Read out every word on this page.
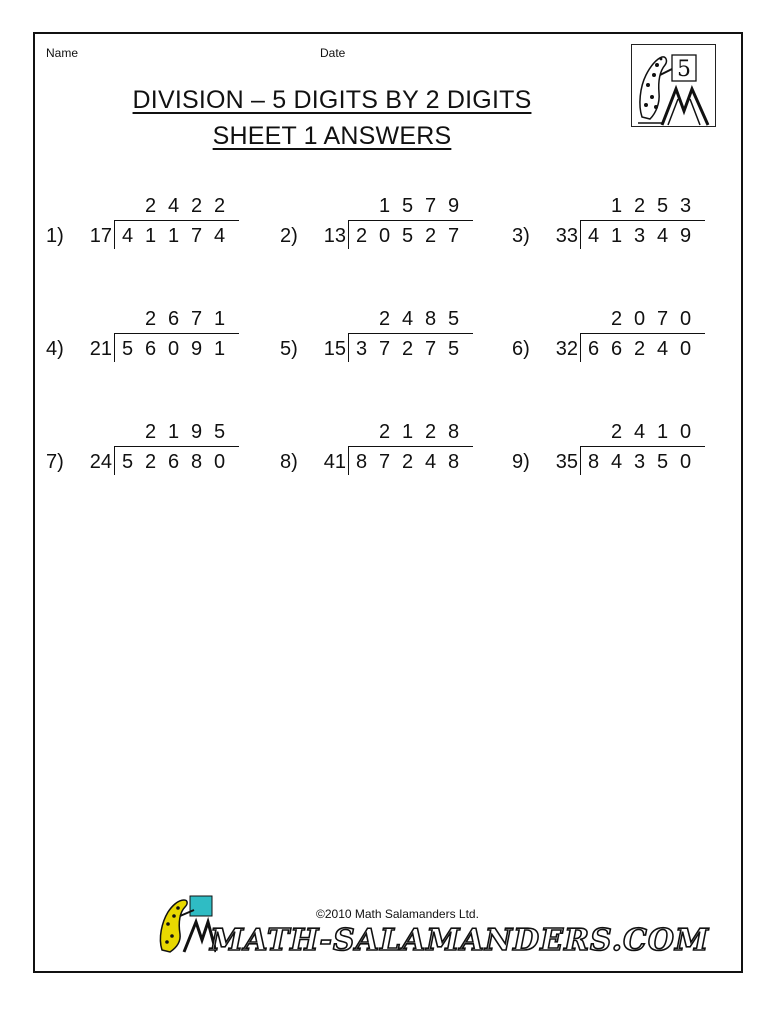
Name	Date
DIVISION – 5 DIGITS BY 2 DIGITS
SHEET 1 ANSWERS
5
1)	17
2 4 2 2
4 1 1 7 4	2)	13
1 5 7 9
2 0 5 2 7	3)	33
1 2 5 3
4 1 3 4 9
4)	21
2 6 7 1
5 6 0 9 1	5)	15
2 4 8 5
3 7 2 7 5	6)	32
2 0 7 0
6 6 2 4 0
7)	24
2 1 9 5
5 2 6 8 0	8)	41
2 1 2 8
8 7 2 4 8	9)	35
2 4 1 0
8 4 3 5 0
©2010 Math Salamanders Ltd.
MATH-SALAMANDERS.COM
